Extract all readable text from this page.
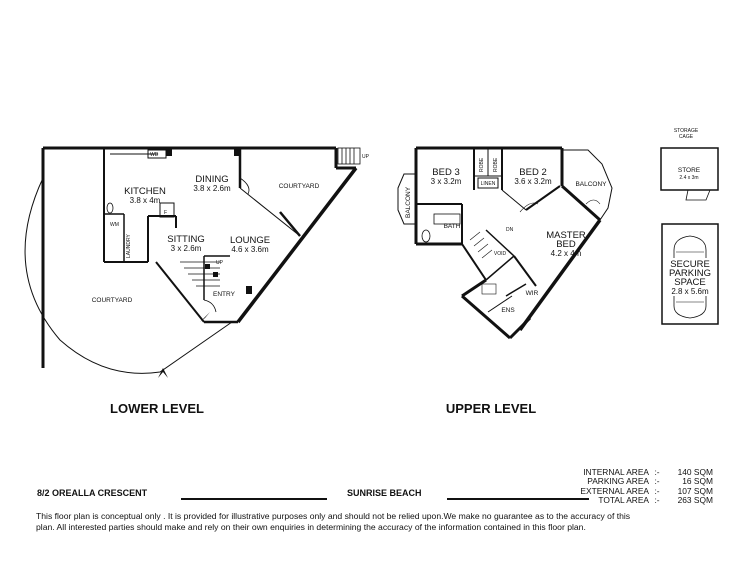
WD
KITCHEN
3.8 x 4m
F
DINING
3.8 x 2.6m	COURTYARD
WM
LAUNDRY	SITTING
3 x 2.6m
LOUNGE
4.6 x 3.6m
UP
ENTRY
COURTYARD
UP
LOWER LEVEL
BED 3
3 x 3.2m
ROBE ROBE
LINEN
BED 2
3.6 x 3.2m
BALCONY
BALCONY
BATH	DN
VOID
MASTER
BED
4.2 x 4m
WIR
ENS
UPPER LEVEL
STORAGE
CAGE
STORE
2.4 x 3m
SECURE
PARKING
SPACE
2.8 x 5.6m
INTERNAL AREA :-	140 SQM
PARKING AREA :-	16 SQM
EXTERNAL AREA :-	107 SQM
TOTAL AREA :-	263 SQM
8/2 OREALLA CRESCENT	SUNRISE BEACH
This floor plan is conceptual only . It is provided for illustrative purposes only and should not be relied upon.We make no guarantee as to the accuracy of this
plan. All interested parties should make and rely on their own enquiries in determining the accuracy of the information contained in this floor plan.
